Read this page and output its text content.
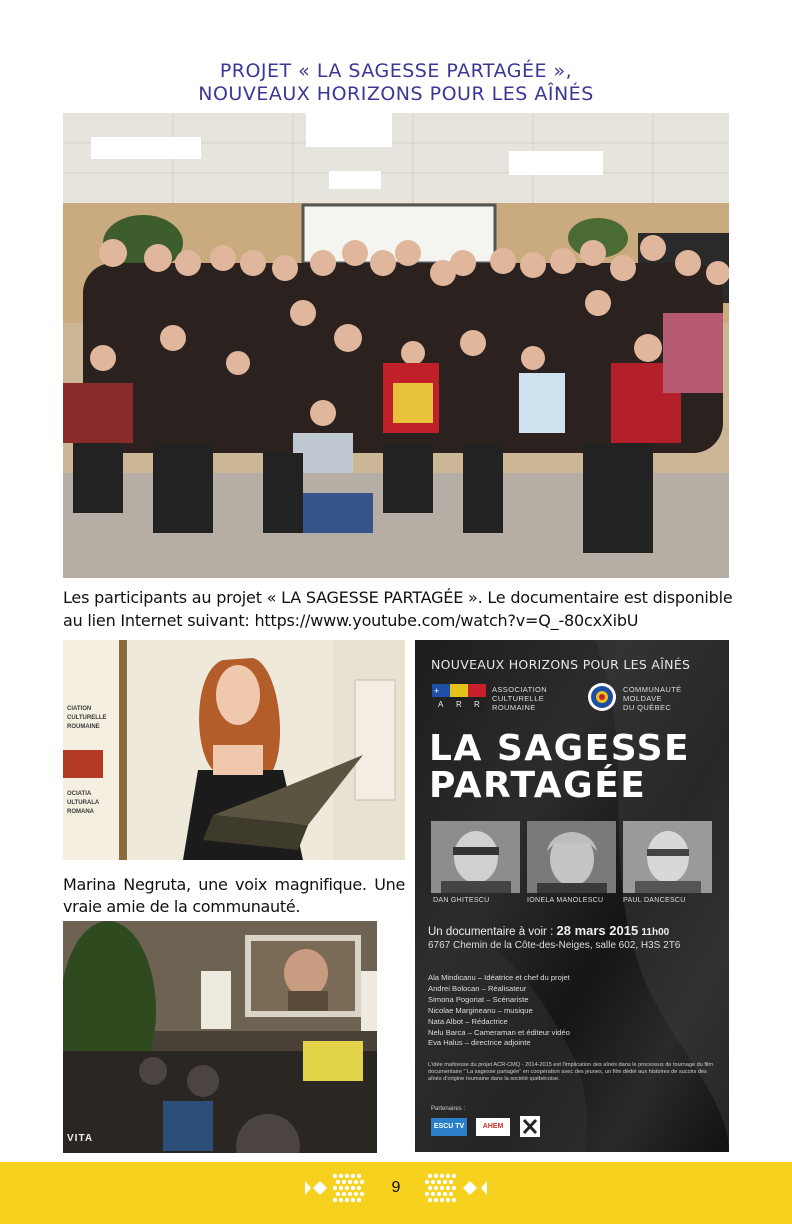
PROJET « LA SAGESSE PARTAGÉE »,
NOUVEAUX HORIZONS POUR LES AÎNÉS
Les participants au projet « LA SAGESSE PARTAGÉE ». Le documentaire est disponible
au lien Internet suivant: https://www.youtube.com/watch?v=Q_-80cxXibU
OCIATIA ULTURALA ROMANA
CIATION CULTURELLE ROUMAINE
Marina Negruta, une voix magnifique. Une
vraie amie de la communauté.
VITA
NOUVEAUX HORIZONS POUR LES AÎNÉS
+
A R R
ASSOCIATION
CULTURELLE
ROUMAINE
COMMUNAUTÉ
MOLDAVE
DU QUÉBEC
LA SAGESSE
PARTAGÉE
DAN GHITESCU	IONELA MANOLESCU	PAUL DANCESCU
Un documentaire à voir : 28 mars 2015 11h00
6767 Chemin de la Côte-des-Neiges, salle 602, H3S 2T6
Ala Mindicanu – Idéatrice et chef du projet
Andrei Bolocan – Réalisateur
Simona Pogonat – Scénariste
Nicolae Margineanu – musique
Nata Albot – Rédactrice
Nelu Barca – Cameraman et éditeur vidéo
Eva Halus – directrice adjointe
L'idée maîtresse du projet ACR-CMQ - 2014-2015 est l'implication des aînés dans le processus de tournage du film documentaire " La sagesse partagée" en coopération avec des jeunes, un film dédié aux histoires de succès des aînés d'origine roumaine dans la société québécoise.
Partenaires :
ESCU TV	AHEM
9
